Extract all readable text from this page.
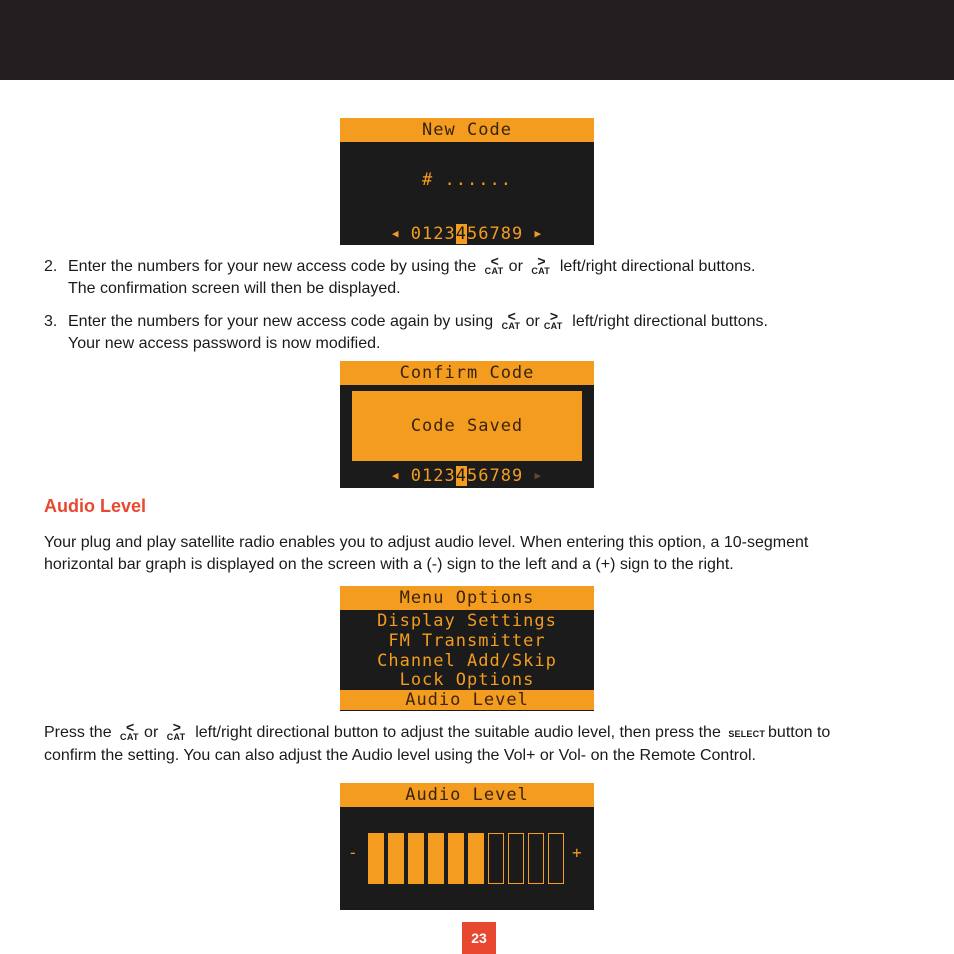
New Code
# ......
◀ 0123456789 ▶
2. Enter the numbers for your new access code by using the <
CAT or >
CAT left/right directional buttons.
The confirmation screen will then be displayed.
3. Enter the numbers for your new access code again by using <
CAT or >
CAT left/right directional buttons.
Your new access password is now modified.
Confirm Code
Code Saved
◀ 0123456789 ▶
Audio Level
Your plug and play satellite radio enables you to adjust audio level. When entering this option, a 10-segment
horizontal bar graph is displayed on the screen with a (-) sign to the left and a (+) sign to the right.
Menu Options
Display Settings
FM Transmitter
Channel Add/Skip
Lock Options
Audio Level
Press the <
CAT or >
CAT left/right directional button to adjust the suitable audio level, then press the SELECT button to
confirm the setting. You can also adjust the Audio level using the Vol+ or Vol- on the Remote Control.
Audio Level
-	+
23
